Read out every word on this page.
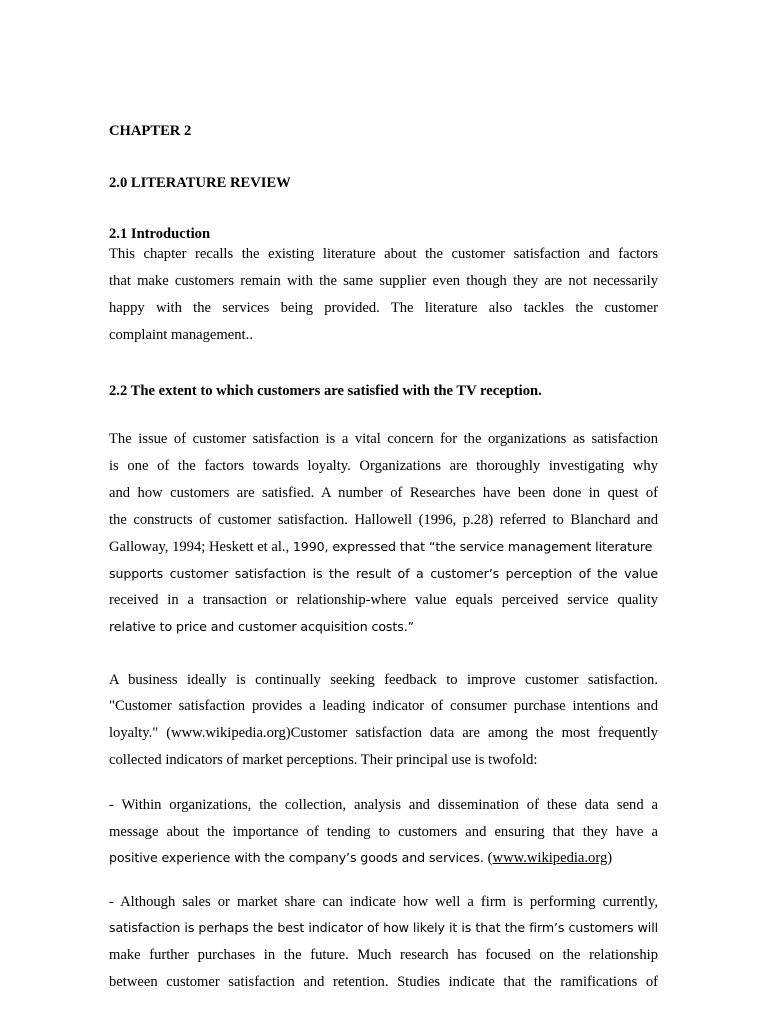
CHAPTER 2
2.0 LITERATURE REVIEW
2.1 Introduction
This chapter recalls the existing literature about the customer satisfaction and factors
that make customers remain with the same supplier even though they are not necessarily
happy with the services being provided. The literature also tackles the customer
complaint management..
2.2 The extent to which customers are satisfied with the TV reception.
The issue of customer satisfaction is a vital concern for the organizations as satisfaction
is one of the factors towards loyalty. Organizations are thoroughly investigating why
and how customers are satisfied. A number of Researches have been done in quest of
the constructs of customer satisfaction. Hallowell (1996, p.28) referred to Blanchard and
Galloway, 1994; Heskett et al., 1990, expressed that “the service management literature
supports customer satisfaction is the result of a customer’s perception of the value
received in a transaction or relationship-where value equals perceived service quality
relative to price and customer acquisition costs.”
A business ideally is continually seeking feedback to improve customer satisfaction.
"Customer satisfaction provides a leading indicator of consumer purchase intentions and
loyalty." (www.wikipedia.org)Customer satisfaction data are among the most frequently
collected indicators of market perceptions. Their principal use is twofold:
- Within organizations, the collection, analysis and dissemination of these data send a
message about the importance of tending to customers and ensuring that they have a
positive experience with the company’s goods and services. (www.wikipedia.org)
- Although sales or market share can indicate how well a firm is performing currently,
satisfaction is perhaps the best indicator of how likely it is that the firm’s customers will
make further purchases in the future. Much research has focused on the relationship
between customer satisfaction and retention. Studies indicate that the ramifications of
